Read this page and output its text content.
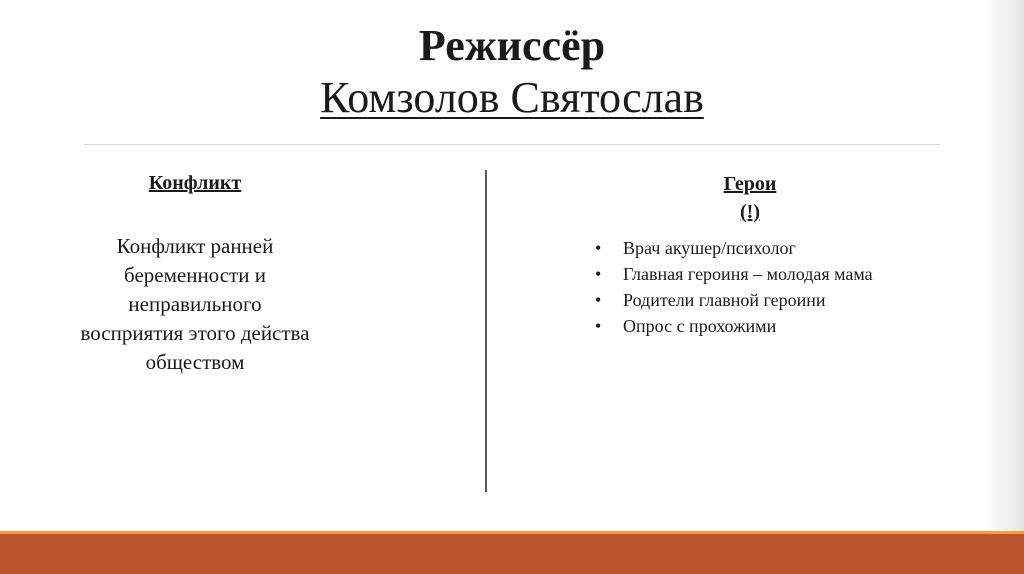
Режиссёр
Комзолов Святослав
Конфликт
Конфликт ранней беременности и неправильного восприятия этого действа обществом
Герои
(!)
• Врач акушер/психолог
• Главная героиня – молодая мама
• Родители главной героини
• Опрос с прохожими
